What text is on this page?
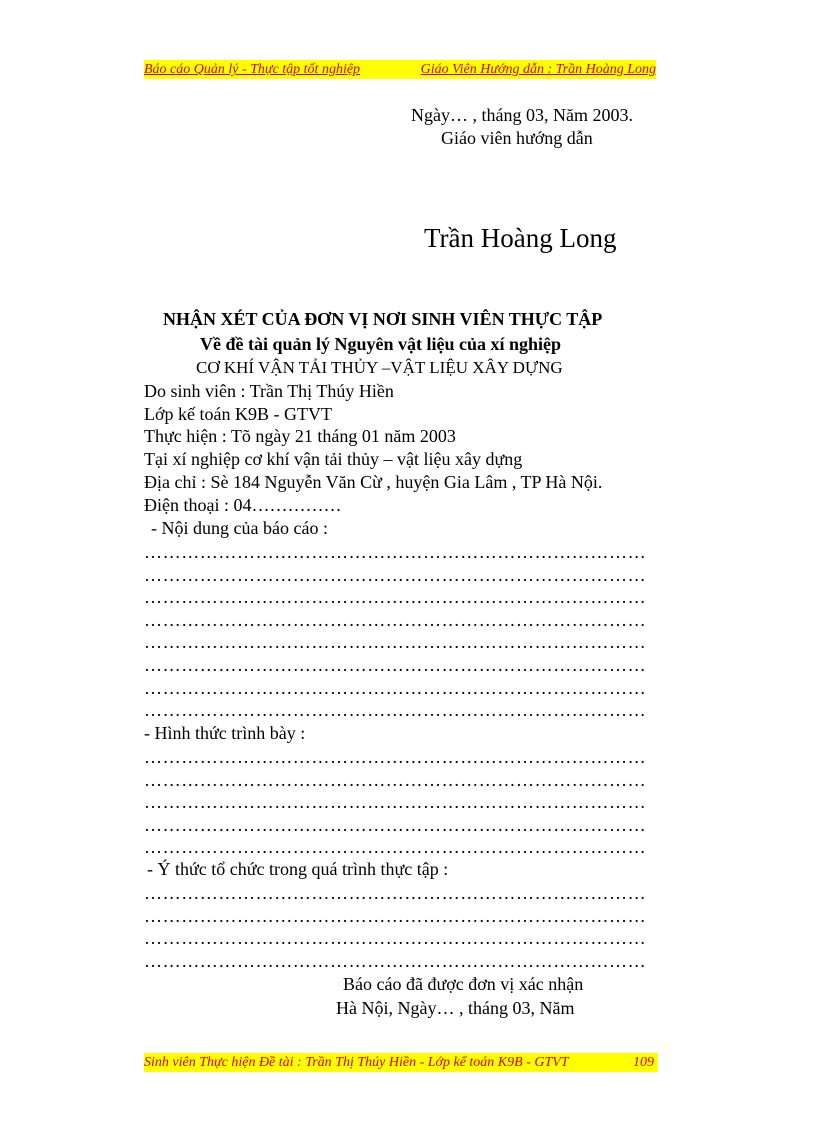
Báo cáo Quản lý - Thực tập tốt nghiệp	Giáo Viên Hướng dẫn : Trần Hoàng Long
Ngày… , tháng 03, Năm 2003.
Giáo viên hướng dẫn
Trần Hoàng Long
NHẬN XÉT CỦA ĐƠN VỊ NƠI SINH VIÊN THỰC TẬP
Về đề tài quản lý Nguyên vật liệu của xí nghiệp
CƠ KHÍ VẬN TẢI THỦY –VẬT LIỆU XÂY DỰNG
Do sinh viên : Trần Thị Thúy Hiền
Lớp kế toán K9B - GTVT
Thực hiện : Tõ ngày 21 tháng 01 năm 2003
Tại xí nghiệp cơ khí vận tải thủy – vật liệu xây dựng
Địa chỉ : Sè 184 Nguyễn Văn Cừ , huyện Gia Lâm , TP Hà Nội.
Điện thoại : 04……………
- Nội dung của báo cáo :
………………………………………………………………………
………………………………………………………………………
………………………………………………………………………
………………………………………………………………………
………………………………………………………………………
………………………………………………………………………
………………………………………………………………………
………………………………………………………………………
- Hình thức trình bày :
………………………………………………………………………
………………………………………………………………………
………………………………………………………………………
………………………………………………………………………
………………………………………………………………………
- Ý thức tổ chức trong quá trình thực tập :
………………………………………………………………………
………………………………………………………………………
………………………………………………………………………
………………………………………………………………………
Báo cáo đã được đơn vị xác nhận
Hà Nội, Ngày… , tháng 03, Năm
Sinh viên Thực hiện Đề tài : Trần Thị Thúy Hiền - Lớp kế toán K9B - GTVT	109
